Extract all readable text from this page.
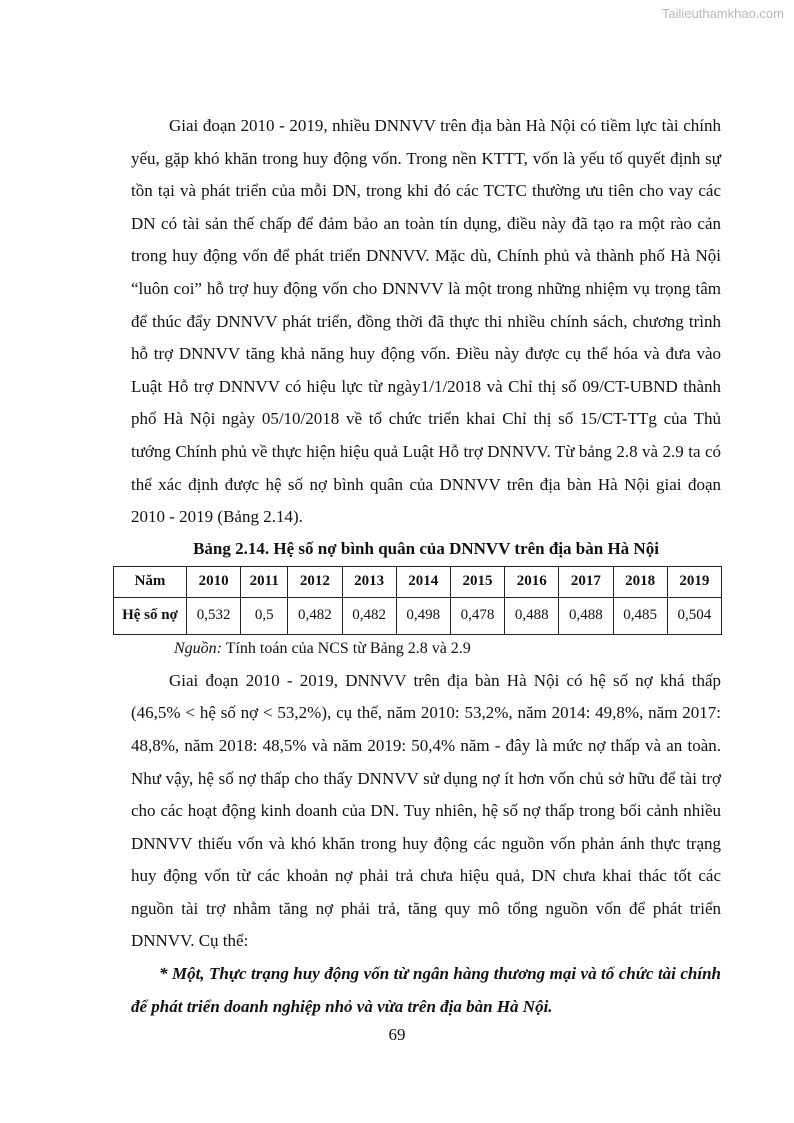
Tailieuthamkhao.com

Giai đoạn 2010 - 2019, nhiều DNNVV trên địa bàn Hà Nội có tiềm lực tài chính yếu, gặp khó khăn trong huy động vốn. Trong nền KTTT, vốn là yếu tố quyết định sự tồn tại và phát triển của mỗi DN, trong khi đó các TCTC thường ưu tiên cho vay các DN có tài sản thế chấp để đảm bảo an toàn tín dụng, điều này đã tạo ra một rào cản trong huy động vốn để phát triển DNNVV. Mặc dù, Chính phủ và thành phố Hà Nội “luôn coi” hỗ trợ huy động vốn cho DNNVV là một trong những nhiệm vụ trọng tâm để thúc đẩy DNNVV phát triển, đồng thời đã thực thi nhiều chính sách, chương trình hỗ trợ DNNVV tăng khả năng huy động vốn. Điều này được cụ thể hóa và đưa vào Luật Hỗ trợ DNNVV có hiệu lực từ ngày1/1/2018 và Chỉ thị số 09/CT-UBND thành phố Hà Nội ngày 05/10/2018 về tổ chức triển khai Chỉ thị số 15/CT-TTg của Thủ tướng Chính phủ về thực hiện hiệu quả Luật Hỗ trợ DNNVV. Từ bảng 2.8 và 2.9 ta có thể xác định được hệ số nợ bình quân của DNNVV trên địa bàn Hà Nội giai đoạn 2010 - 2019 (Bảng 2.14).

Bảng 2.14. Hệ số nợ bình quân của DNNVV trên địa bàn Hà Nội
Năm	2010	2011	2012	2013	2014	2015	2016	2017	2018	2019
Hệ số nợ	0,532	0,5	0,482	0,482	0,498	0,478	0,488	0,488	0,485	0,504
Nguồn: Tính toán của NCS từ Bảng 2.8 và 2.9

Giai đoạn 2010 - 2019, DNNVV trên địa bàn Hà Nội có hệ số nợ khá thấp (46,5% < hệ số nợ < 53,2%), cụ thể, năm 2010: 53,2%, năm 2014: 49,8%, năm 2017: 48,8%, năm 2018: 48,5% và năm 2019: 50,4% năm - đây là mức nợ thấp và an toàn. Như vậy, hệ số nợ thấp cho thấy DNNVV sử dụng nợ ít hơn vốn chủ sở hữu để tài trợ cho các hoạt động kinh doanh của DN. Tuy nhiên, hệ số nợ thấp trong bối cảnh nhiều DNNVV thiếu vốn và khó khăn trong huy động các nguồn vốn phản ánh thực trạng huy động vốn từ các khoản nợ phải trả chưa hiệu quả, DN chưa khai thác tốt các nguồn tài trợ nhằm tăng nợ phải trả, tăng quy mô tổng nguồn vốn để phát triển DNNVV. Cụ thể:

* Một, Thực trạng huy động vốn từ ngân hàng thương mại và tổ chức tài chính để phát triển doanh nghiệp nhỏ và vừa trên địa bàn Hà Nội.

69
